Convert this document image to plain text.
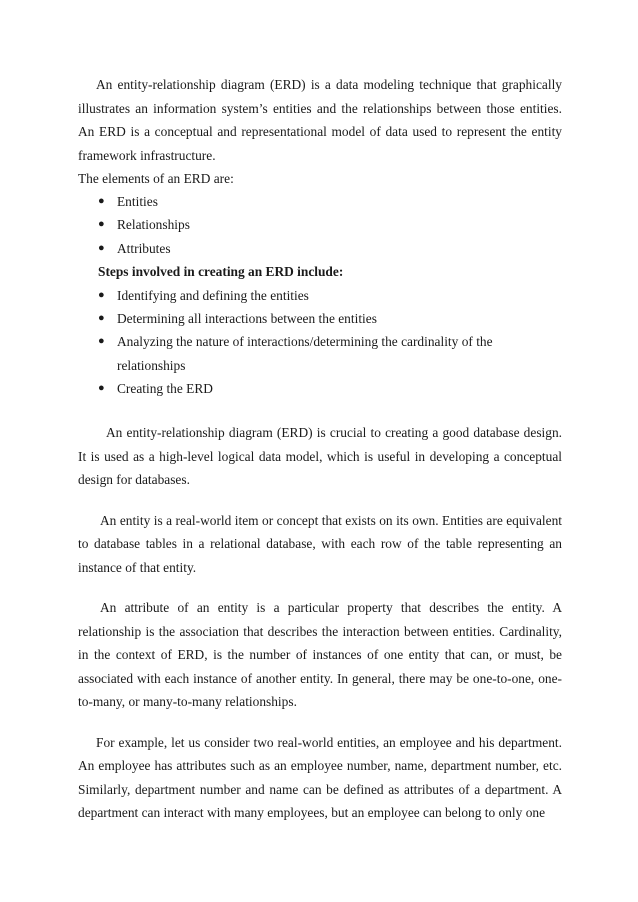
An entity-relationship diagram (ERD) is a data modeling technique that graphically illustrates an information system’s entities and the relationships between those entities. An ERD is a conceptual and representational model of data used to represent the entity framework infrastructure.

The elements of an ERD are:

● Entities
● Relationships
● Attributes

Steps involved in creating an ERD include:

● Identifying and defining the entities
● Determining all interactions between the entities
● Analyzing the nature of interactions/determining the cardinality of the relationships
● Creating the ERD

An entity-relationship diagram (ERD) is crucial to creating a good database design. It is used as a high-level logical data model, which is useful in developing a conceptual design for databases.

An entity is a real-world item or concept that exists on its own. Entities are equivalent to database tables in a relational database, with each row of the table representing an instance of that entity.

An attribute of an entity is a particular property that describes the entity. A relationship is the association that describes the interaction between entities. Cardinality, in the context of ERD, is the number of instances of one entity that can, or must, be associated with each instance of another entity. In general, there may be one-to-one, one-to-many, or many-to-many relationships.

For example, let us consider two real-world entities, an employee and his department. An employee has attributes such as an employee number, name, department number, etc. Similarly, department number and name can be defined as attributes of a department. A department can interact with many employees, but an employee can belong to only one
